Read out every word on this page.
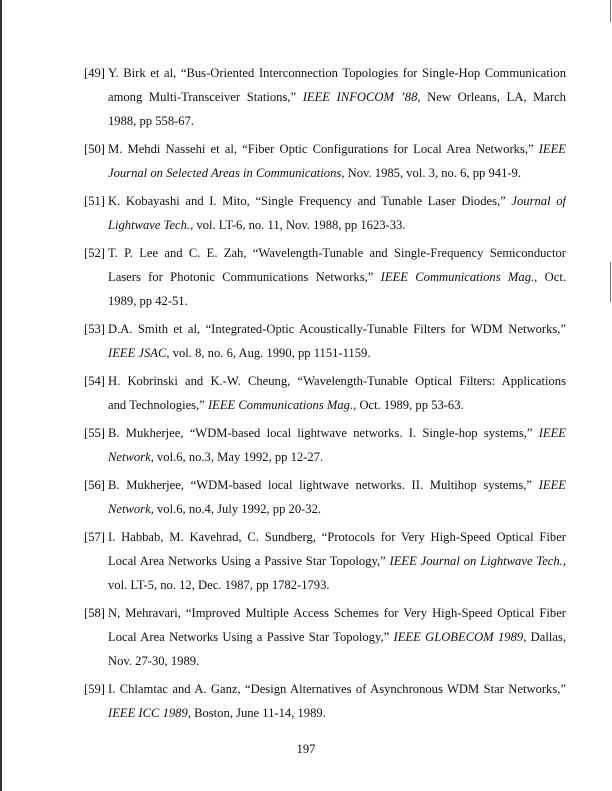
[49] Y. Birk et al, “Bus-Oriented Interconnection Topologies for Single-Hop Communication
among Multi-Transceiver Stations,” IEEE INFOCOM ’88, New Orleans, LA, March
1988, pp 558-67.
[50] M. Mehdi Nassehi et al, “Fiber Optic Configurations for Local Area Networks,” IEEE
Journal on Selected Areas in Communications, Nov. 1985, vol. 3, no. 6, pp 941-9.
[51] K. Kobayashi and I. Mito, “Single Frequency and Tunable Laser Diodes,” Journal of
Lightwave Tech., vol. LT-6, no. 11, Nov. 1988, pp 1623-33.
[52] T. P. Lee and C. E. Zah, “Wavelength-Tunable and Single-Frequency Semiconductor
Lasers for Photonic Communications Networks,” IEEE Communications Mag., Oct.
1989, pp 42-51.
[53] D.A. Smith et al, “Integrated-Optic Acoustically-Tunable Filters for WDM Networks,”
IEEE JSAC, vol. 8, no. 6, Aug. 1990, pp 1151-1159.
[54] H. Kobrinski and K.-W. Cheung, “Wavelength-Tunable Optical Filters: Applications
and Technologies,” IEEE Communications Mag., Oct. 1989, pp 53-63.
[55] B. Mukherjee, “WDM-based local lightwave networks. I. Single-hop systems,” IEEE
Network, vol.6, no.3, May 1992, pp 12-27.
[56] B. Mukherjee, “WDM-based local lightwave networks. II. Multihop systems,” IEEE
Network, vol.6, no.4, July 1992, pp 20-32.
[57] I. Habbab, M. Kavehrad, C. Sundberg, “Protocols for Very High-Speed Optical Fiber
Local Area Networks Using a Passive Star Topology,” IEEE Journal on Lightwave Tech.,
vol. LT-5, no. 12, Dec. 1987, pp 1782-1793.
[58] N, Mehravari, “Improved Multiple Access Schemes for Very High-Speed Optical Fiber
Local Area Networks Using a Passive Star Topology,” IEEE GLOBECOM 1989, Dallas,
Nov. 27-30, 1989.
[59] I. Chlamtac and A. Ganz, “Design Alternatives of Asynchronous WDM Star Networks,”
IEEE ICC 1989, Boston, June 11-14, 1989.
197
